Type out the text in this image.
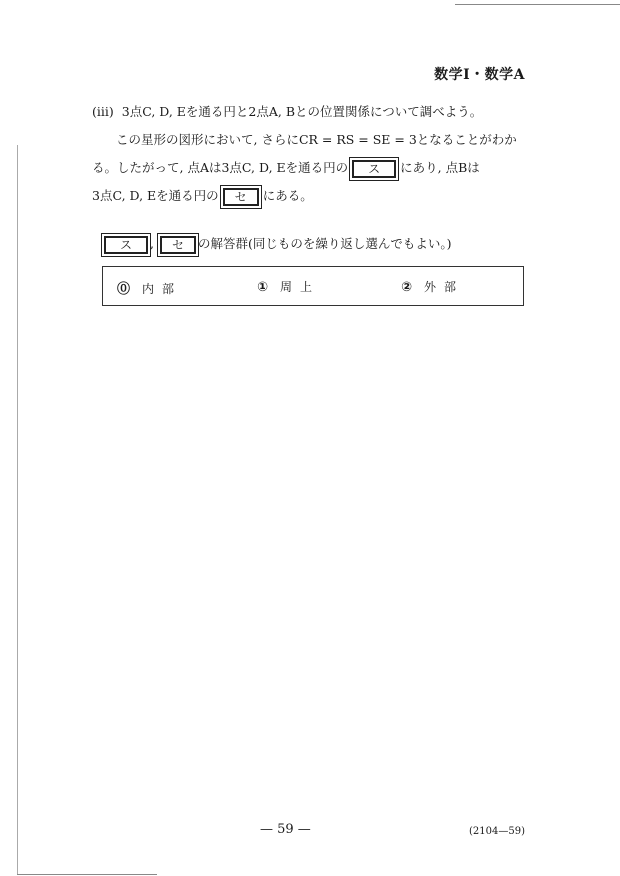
数学Ⅰ・数学A

(iii) 3点C, D, Eを通る円と2点A, Bとの位置関係について調べよう。

この星形の図形において, さらにCR = RS = SE = 3となることがわか

る。したがって, 点Aは3点C, D, Eを通る円の ス にあり, 点Bは

3点C, D, Eを通る円の セ にある。

ス , セ の解答群(同じものを繰り返し選んでもよい。)
⓪ 内部	① 周上	② 外部
— 59 —	(2104—59)
